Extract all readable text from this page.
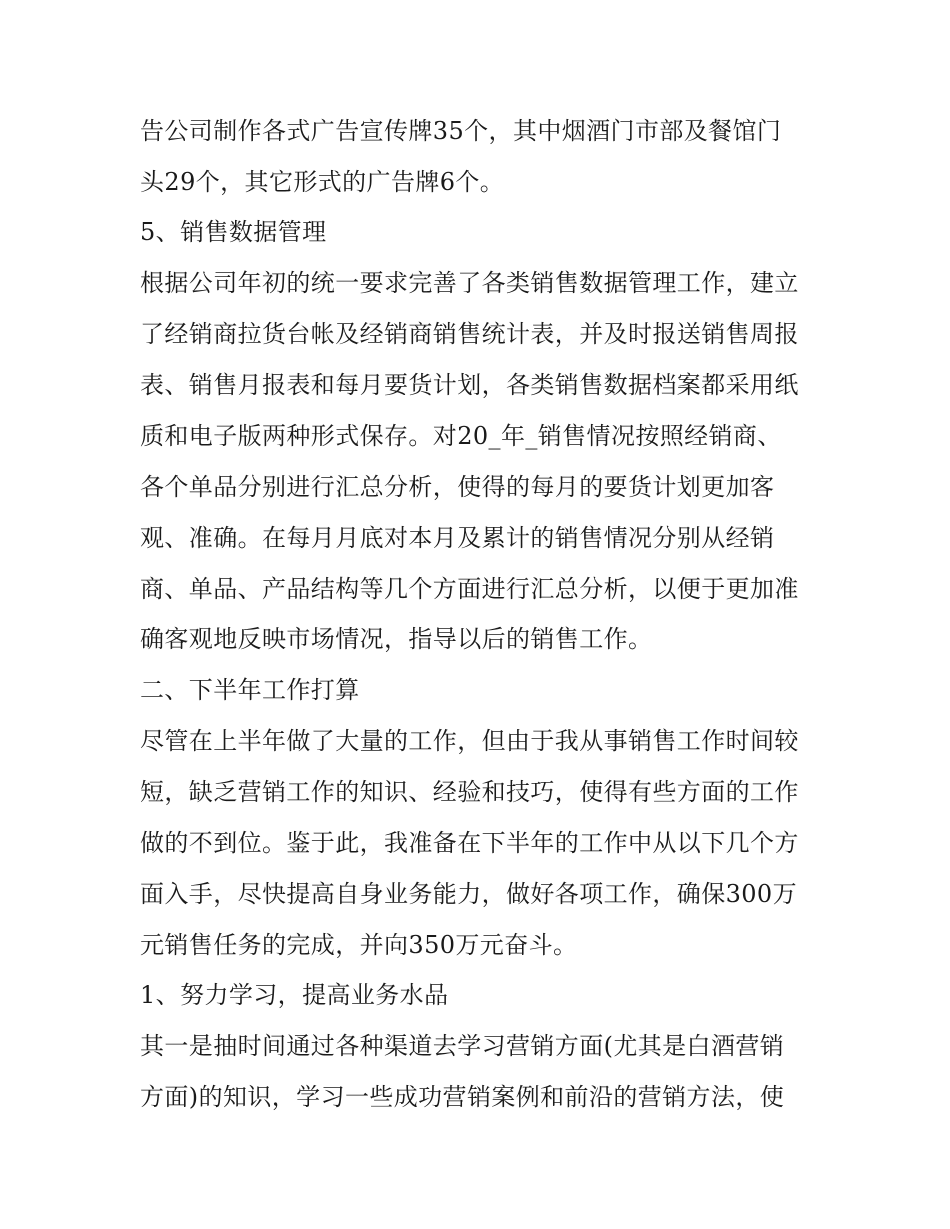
告公司制作各式广告宣传牌35个，其中烟酒门市部及餐馆门
头29个，其它形式的广告牌6个。
5、销售数据管理
根据公司年初的统一要求完善了各类销售数据管理工作，建立
了经销商拉货台帐及经销商销售统计表，并及时报送销售周报
表、销售月报表和每月要货计划，各类销售数据档案都采用纸
质和电子版两种形式保存。对20_年_销售情况按照经销商、
各个单品分别进行汇总分析，使得的每月的要货计划更加客
观、准确。在每月月底对本月及累计的销售情况分别从经销
商、单品、产品结构等几个方面进行汇总分析，以便于更加准
确客观地反映市场情况，指导以后的销售工作。
二、下半年工作打算
尽管在上半年做了大量的工作，但由于我从事销售工作时间较
短，缺乏营销工作的知识、经验和技巧，使得有些方面的工作
做的不到位。鉴于此，我准备在下半年的工作中从以下几个方
面入手，尽快提高自身业务能力，做好各项工作，确保300万
元销售任务的完成，并向350万元奋斗。
1、努力学习，提高业务水品
其一是抽时间通过各种渠道去学习营销方面(尤其是白酒营销
方面)的知识，学习一些成功营销案例和前沿的营销方法，使
